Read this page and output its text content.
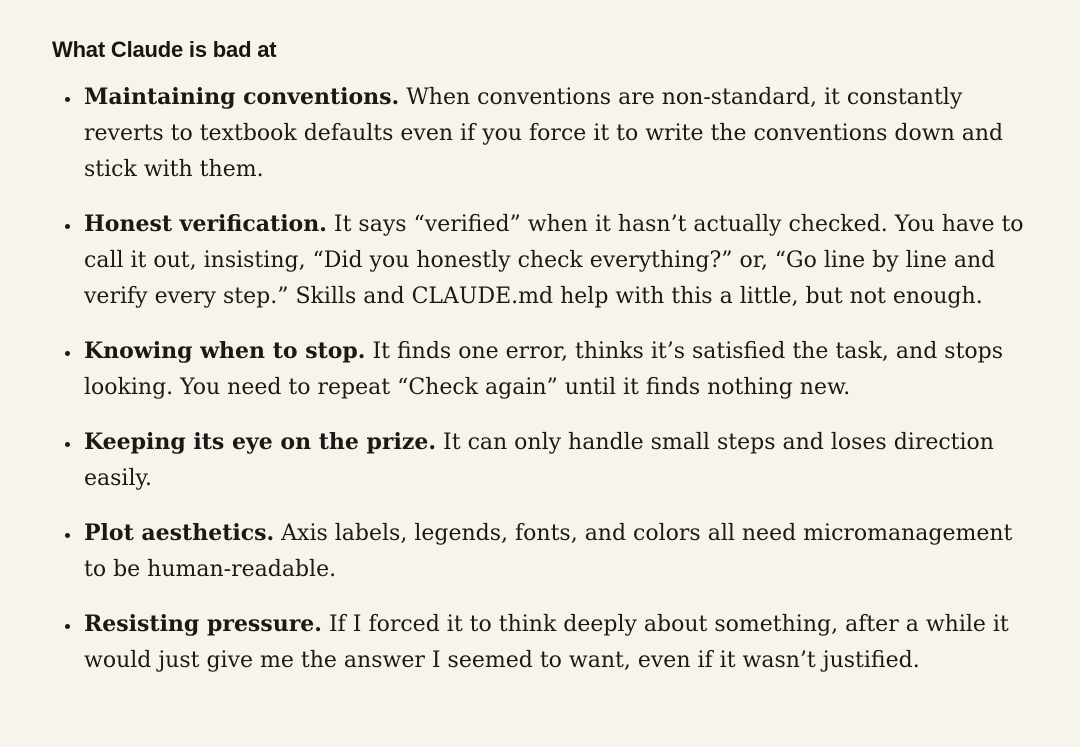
What Claude is bad at
• Maintaining conventions. When conventions are non-standard, it constantly reverts to textbook defaults even if you force it to write the conventions down and stick with them.
• Honest verification. It says “verified” when it hasn’t actually checked. You have to call it out, insisting, “Did you honestly check everything?” or, “Go line by line and verify every step.” Skills and CLAUDE.md help with this a little, but not enough.
• Knowing when to stop. It finds one error, thinks it’s satisfied the task, and stops looking. You need to repeat “Check again” until it finds nothing new.
• Keeping its eye on the prize. It can only handle small steps and loses direction easily.
• Plot aesthetics. Axis labels, legends, fonts, and colors all need micromanagement to be human-readable.
• Resisting pressure. If I forced it to think deeply about something, after a while it would just give me the answer I seemed to want, even if it wasn’t justified.
